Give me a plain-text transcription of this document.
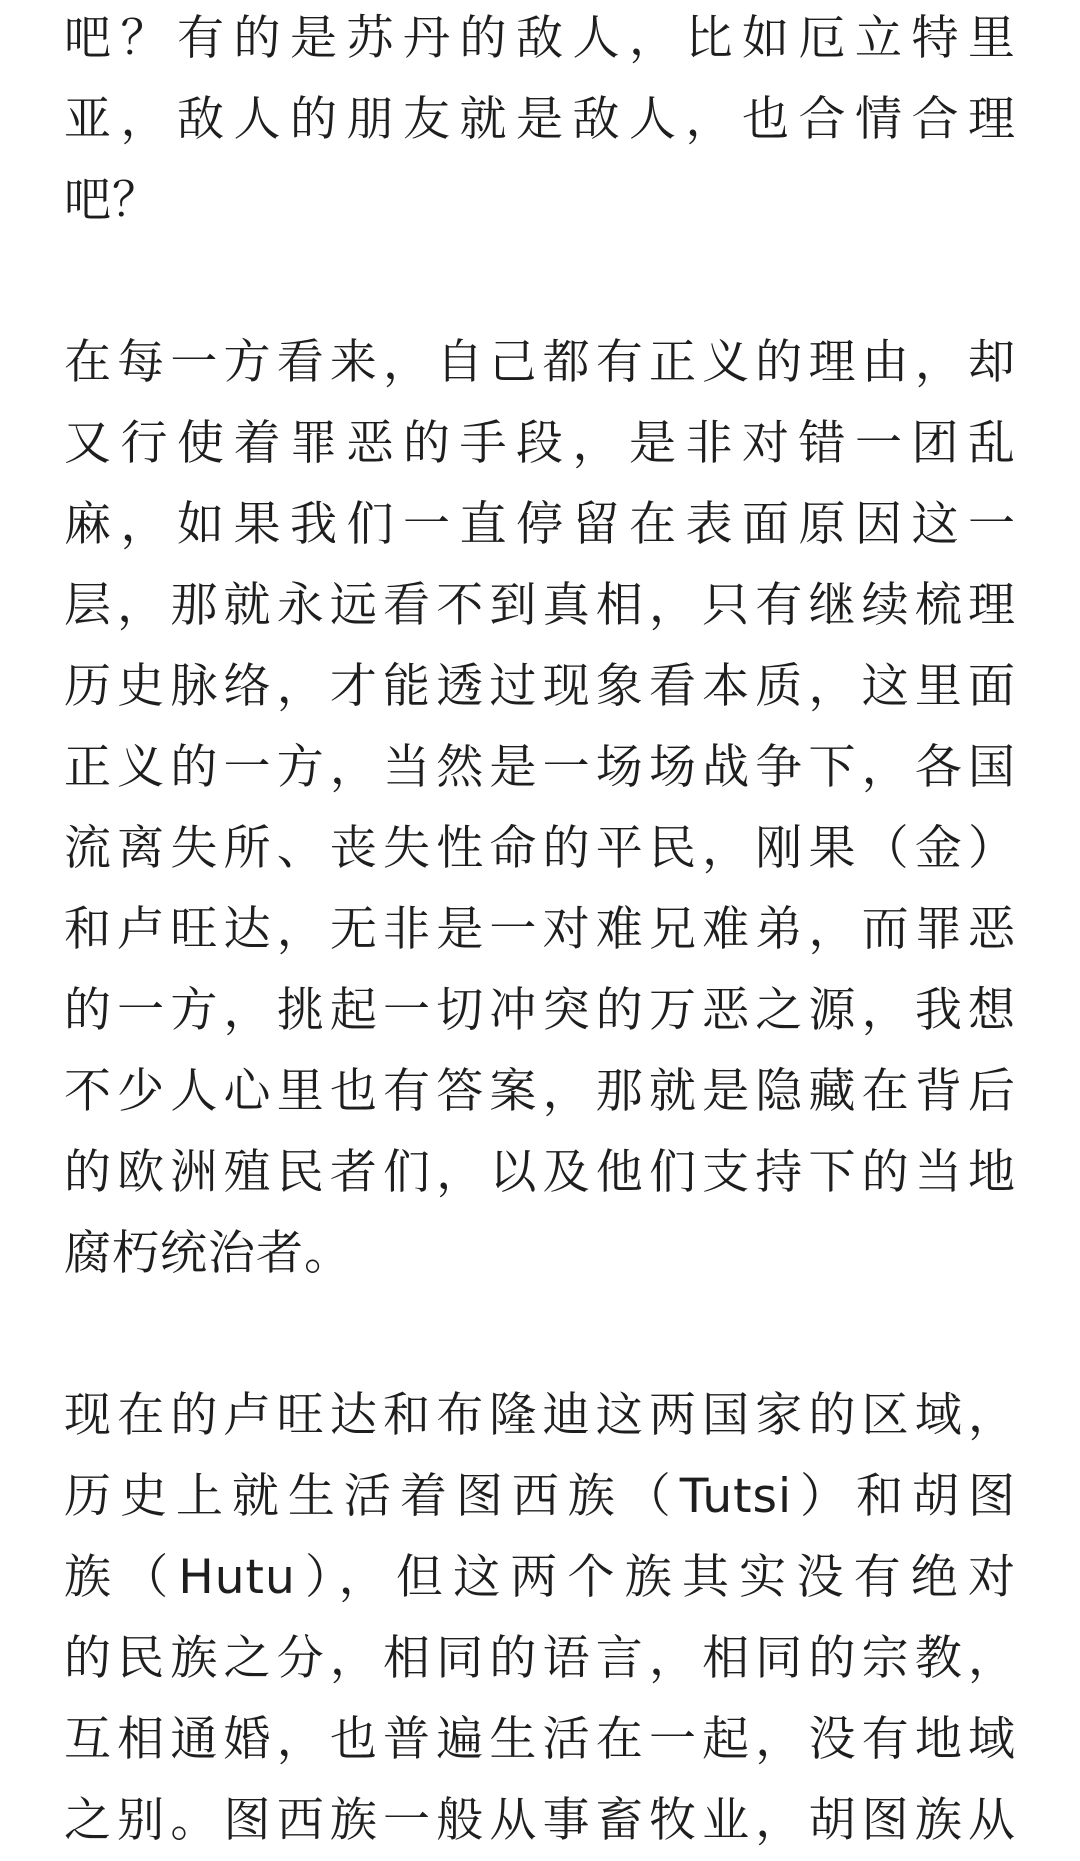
吧？有的是苏丹的敌人，比如厄立特里
亚，敌人的朋友就是敌人，也合情合理
吧？
在每一方看来，自己都有正义的理由，却
又行使着罪恶的手段，是非对错一团乱
麻，如果我们一直停留在表面原因这一
层，那就永远看不到真相，只有继续梳理
历史脉络，才能透过现象看本质，这里面
正义的一方，当然是一场场战争下，各国
流离失所、丧失性命的平民，刚果（金）
和卢旺达，无非是一对难兄难弟，而罪恶
的一方，挑起一切冲突的万恶之源，我想
不少人心里也有答案，那就是隐藏在背后
的欧洲殖民者们，以及他们支持下的当地
腐朽统治者。
现在的卢旺达和布隆迪这两国家的区域，
历史上就生活着图西族（Tutsi）和胡图
族（Hutu），但这两个族其实没有绝对
的民族之分，相同的语言，相同的宗教，
互相通婚，也普遍生活在一起，没有地域
之别。图西族一般从事畜牧业，胡图族从
